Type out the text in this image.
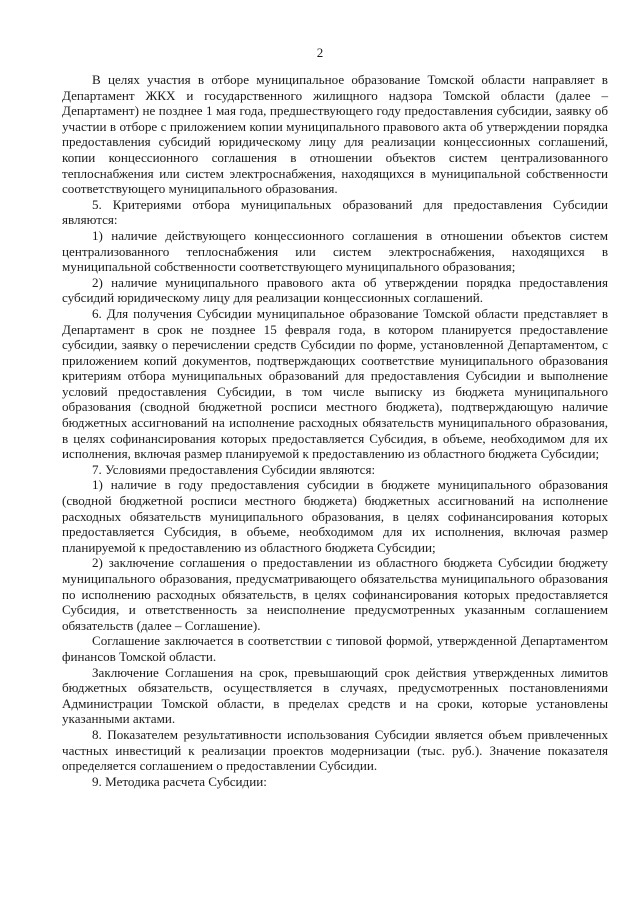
2

В целях участия в отборе муниципальное образование Томской области направляет в Департамент ЖКХ и государственного жилищного надзора Томской области (далее – Департамент) не позднее 1 мая года, предшествующего году предоставления субсидии, заявку об участии в отборе с приложением копии муниципального правового акта об утверждении порядка предоставления субсидий юридическому лицу для реализации концессионных соглашений, копии концессионного соглашения в отношении объектов систем централизованного теплоснабжения или систем электроснабжения, находящихся в муниципальной собственности соответствующего муниципального образования.

5. Критериями отбора муниципальных образований для предоставления Субсидии являются:

1) наличие действующего концессионного соглашения в отношении объектов систем централизованного теплоснабжения или систем электроснабжения, находящихся в муниципальной собственности соответствующего муниципального образования;

2) наличие муниципального правового акта об утверждении порядка предоставления субсидий юридическому лицу для реализации концессионных соглашений.

6. Для получения Субсидии муниципальное образование Томской области представляет в Департамент в срок не позднее 15 февраля года, в котором планируется предоставление субсидии, заявку о перечислении средств Субсидии по форме, установленной Департаментом, с приложением копий документов, подтверждающих соответствие муниципального образования критериям отбора муниципальных образований для предоставления Субсидии и выполнение условий предоставления Субсидии, в том числе выписку из бюджета муниципального образования (сводной бюджетной росписи местного бюджета), подтверждающую наличие бюджетных ассигнований на исполнение расходных обязательств муниципального образования, в целях софинансирования которых предоставляется Субсидия, в объеме, необходимом для их исполнения, включая размер планируемой к предоставлению из областного бюджета Субсидии;

7. Условиями предоставления Субсидии являются:

1) наличие в году предоставления субсидии в бюджете муниципального образования (сводной бюджетной росписи местного бюджета) бюджетных ассигнований на исполнение расходных обязательств муниципального образования, в целях софинансирования которых предоставляется Субсидия, в объеме, необходимом для их исполнения, включая размер планируемой к предоставлению из областного бюджета Субсидии;

2) заключение соглашения о предоставлении из областного бюджета Субсидии бюджету муниципального образования, предусматривающего обязательства муниципального образования по исполнению расходных обязательств, в целях софинансирования которых предоставляется Субсидия, и ответственность за неисполнение предусмотренных указанным соглашением обязательств (далее – Соглашение).

Соглашение заключается в соответствии с типовой формой, утвержденной Департаментом финансов Томской области.

Заключение Соглашения на срок, превышающий срок действия утвержденных лимитов бюджетных обязательств, осуществляется в случаях, предусмотренных постановлениями Администрации Томской области, в пределах средств и на сроки, которые установлены указанными актами.

8. Показателем результативности использования Субсидии является объем привлеченных частных инвестиций к реализации проектов модернизации (тыс. руб.). Значение показателя определяется соглашением о предоставлении Субсидии.

9. Методика расчета Субсидии:
